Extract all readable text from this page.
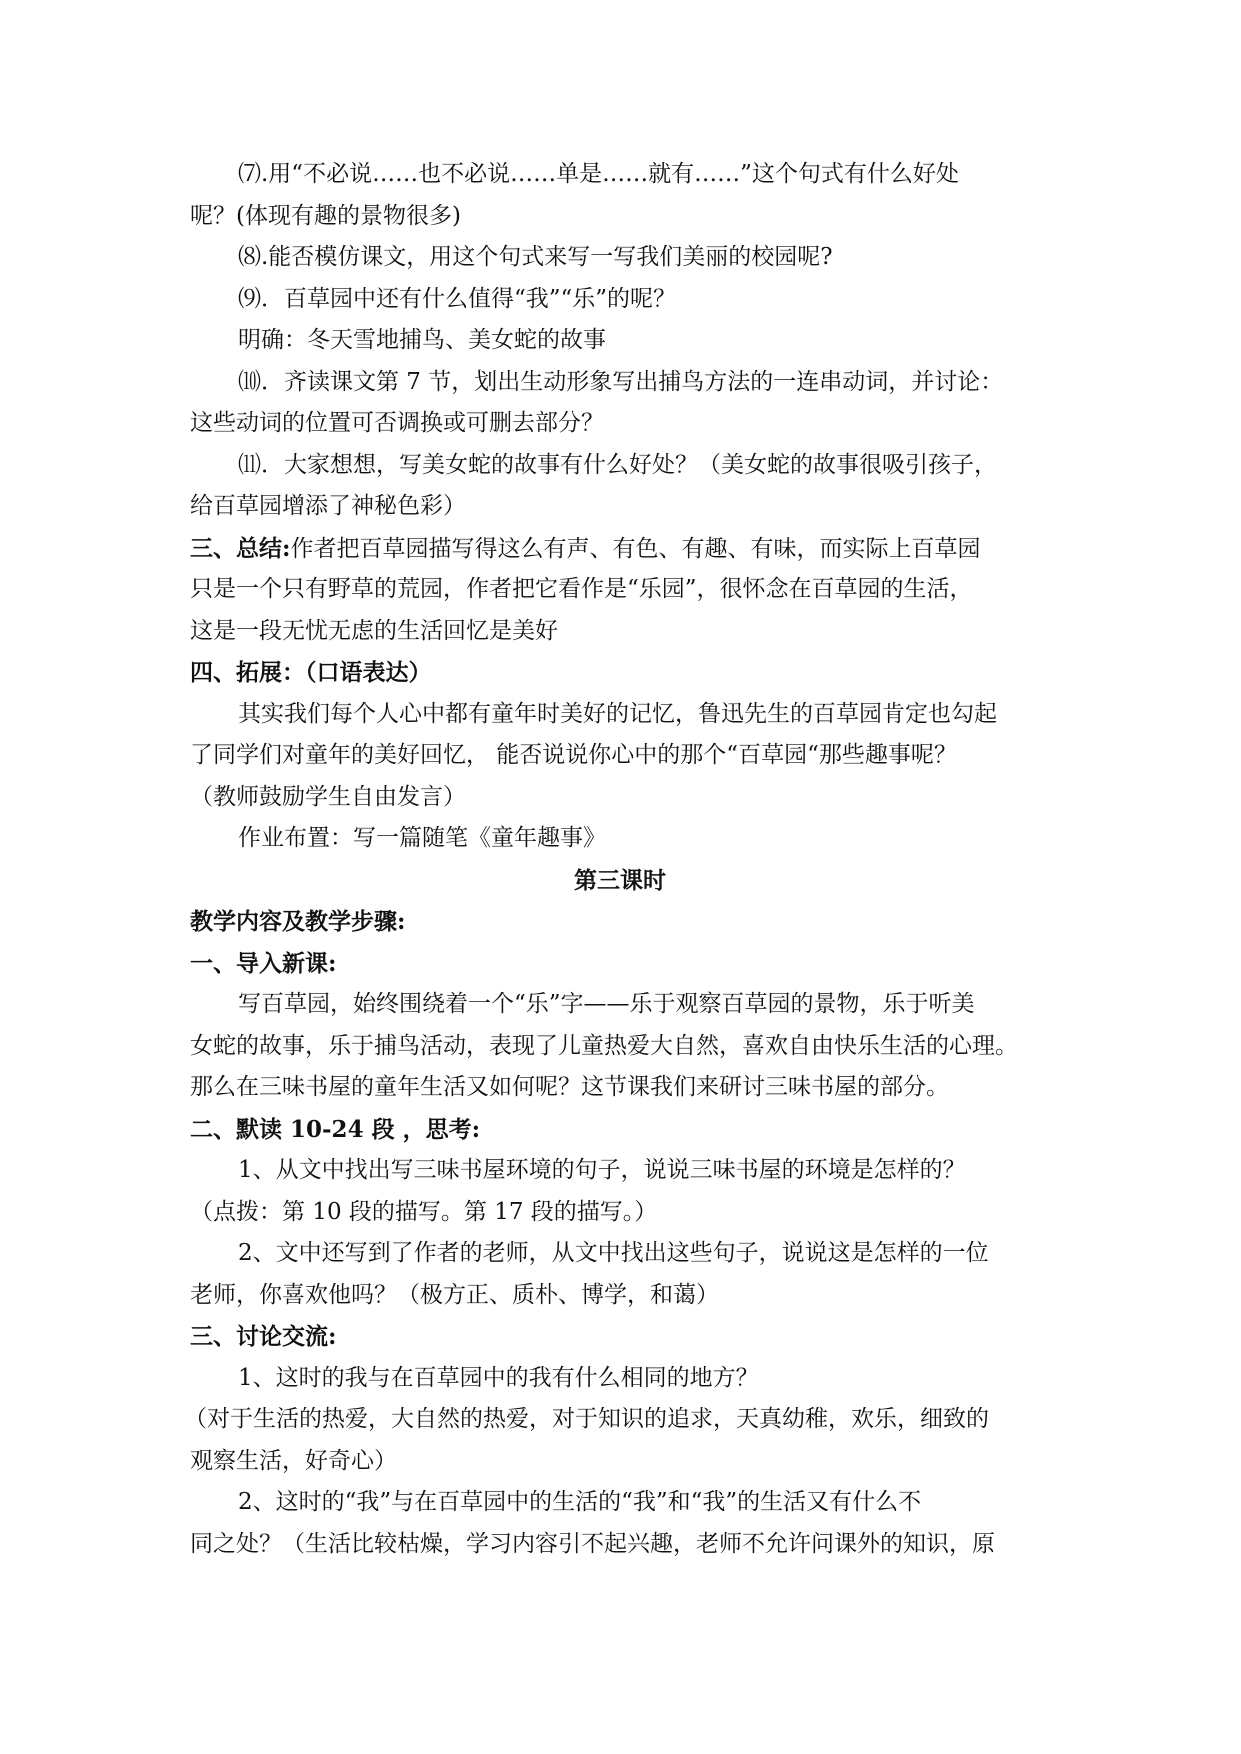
⑺.用“不必说……也不必说……单是……就有……”这个句式有什么好处
呢？(体现有趣的景物很多)
⑻.能否模仿课文，用这个句式来写一写我们美丽的校园呢?
⑼．百草园中还有什么值得“我”“乐”的呢？
明确：冬天雪地捕鸟、美女蛇的故事
⑽．齐读课文第 7 节，划出生动形象写出捕鸟方法的一连串动词，并讨论：
这些动词的位置可否调换或可删去部分？
⑾．大家想想，写美女蛇的故事有什么好处？（美女蛇的故事很吸引孩子，
给百草园增添了神秘色彩）
三、总结:作者把百草园描写得这么有声、有色、有趣、有味，而实际上百草园
只是一个只有野草的荒园，作者把它看作是“乐园”，很怀念在百草园的生活，
这是一段无忧无虑的生活回忆是美好
四、拓展：（口语表达）
其实我们每个人心中都有童年时美好的记忆，鲁迅先生的百草园肯定也勾起
了同学们对童年的美好回忆， 能否说说你心中的那个“百草园“那些趣事呢？
（教师鼓励学生自由发言）
作业布置：写一篇随笔《童年趣事》
第三课时
教学内容及教学步骤:
一、导入新课:
写百草园，始终围绕着一个“乐”字——乐于观察百草园的景物，乐于听美
女蛇的故事，乐于捕鸟活动，表现了儿童热爱大自然，喜欢自由快乐生活的心理。
那么在三味书屋的童年生活又如何呢？这节课我们来研讨三味书屋的部分。
二、默读 10-24 段 ，思考:
1、从文中找出写三味书屋环境的句子，说说三味书屋的环境是怎样的？
（点拨：第 10 段的描写。第 17 段的描写。）
2、文中还写到了作者的老师，从文中找出这些句子，说说这是怎样的一位
老师，你喜欢他吗？（极方正、质朴、博学，和蔼）
三、讨论交流:
1、这时的我与在百草园中的我有什么相同的地方？
（对于生活的热爱，大自然的热爱，对于知识的追求，天真幼稚，欢乐，细致的
观察生活，好奇心）
2、这时的“我”与在百草园中的生活的“我”和“我”的生活又有什么不
同之处？（生活比较枯燥，学习内容引不起兴趣，老师不允许问课外的知识，原
